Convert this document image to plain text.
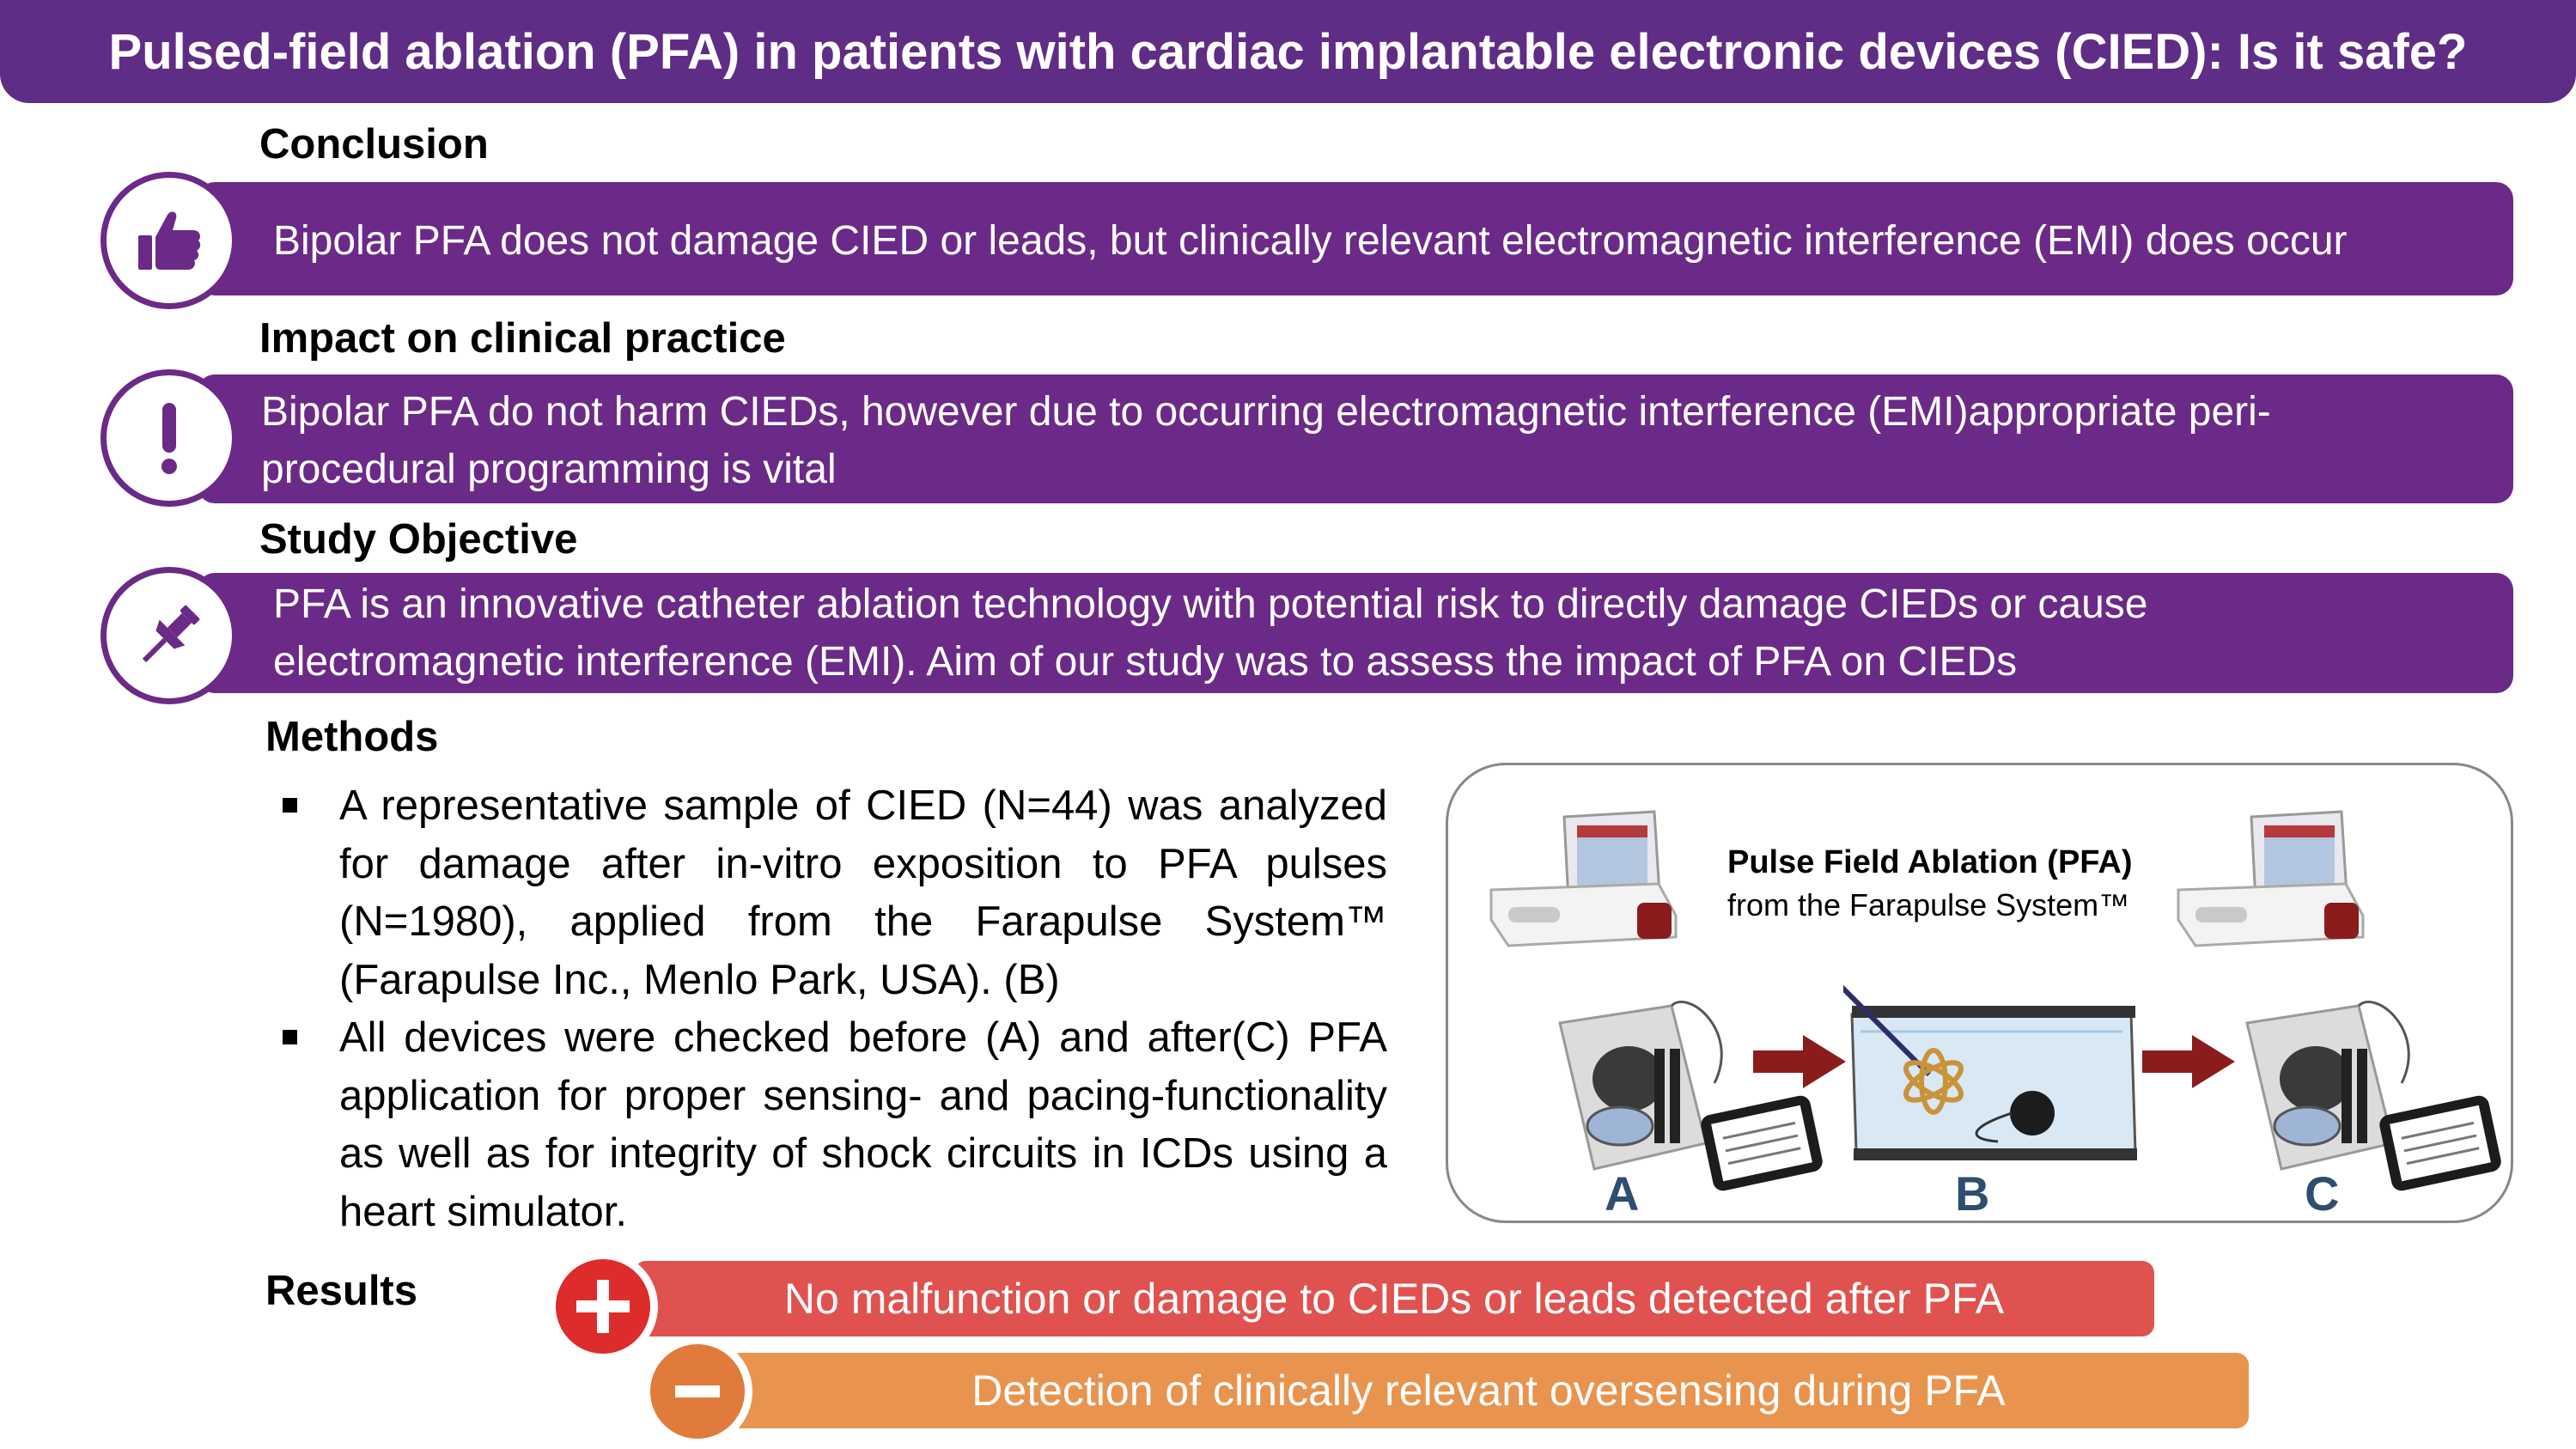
Pulsed-field ablation (PFA) in patients with cardiac implantable electronic devices (CIED): Is it safe?
Conclusion
Bipolar PFA does not damage CIED or leads, but clinically relevant electromagnetic interference (EMI) does occur
Impact on clinical practice
Bipolar PFA do not harm CIEDs, however due to occurring electromagnetic interference (EMI)appropriate peri-procedural programming is vital
Study Objective
PFA is an innovative catheter ablation technology with potential risk to directly damage CIEDs or cause electromagnetic interference (EMI). Aim of our study was to assess the impact of PFA on CIEDs
Methods
A representative sample of CIED (N=44) was analyzed for damage after in-vitro exposition to PFA pulses (N=1980), applied from the Farapulse System™ (Farapulse Inc., Menlo Park, USA). (B)
All devices were checked before (A) and after(C) PFA application for proper sensing- and pacing-functionality as well as for integrity of shock circuits in ICDs using a heart simulator.
Pulse Field Ablation (PFA)
from the Farapulse System™
A	B	C
Results	No malfunction or damage to CIEDs or leads detected after PFA
Detection of clinically relevant oversensing during PFA
